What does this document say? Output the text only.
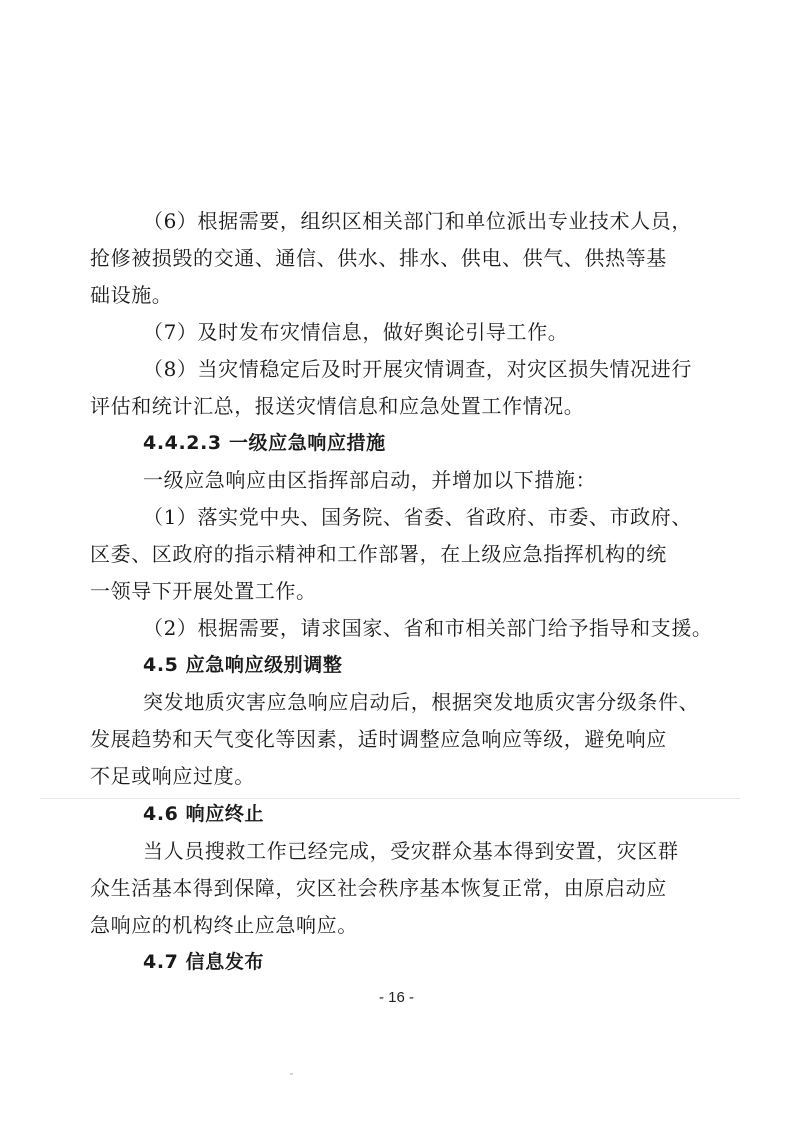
（6）根据需要，组织区相关部门和单位派出专业技术人员，
抢修被损毁的交通、通信、供水、排水、供电、供气、供热等基
础设施。
（7）及时发布灾情信息，做好舆论引导工作。
（8）当灾情稳定后及时开展灾情调查，对灾区损失情况进行
评估和统计汇总，报送灾情信息和应急处置工作情况。
4.4.2.3 一级应急响应措施
一级应急响应由区指挥部启动，并增加以下措施：
（1）落实党中央、国务院、省委、省政府、市委、市政府、
区委、区政府的指示精神和工作部署，在上级应急指挥机构的统
一领导下开展处置工作。
（2）根据需要，请求国家、省和市相关部门给予指导和支援。
4.5 应急响应级别调整
突发地质灾害应急响应启动后，根据突发地质灾害分级条件、
发展趋势和天气变化等因素，适时调整应急响应等级，避免响应
不足或响应过度。
4.6 响应终止
当人员搜救工作已经完成，受灾群众基本得到安置，灾区群
众生活基本得到保障，灾区社会秩序基本恢复正常，由原启动应
急响应的机构终止应急响应。
4.7 信息发布
- 16 -
